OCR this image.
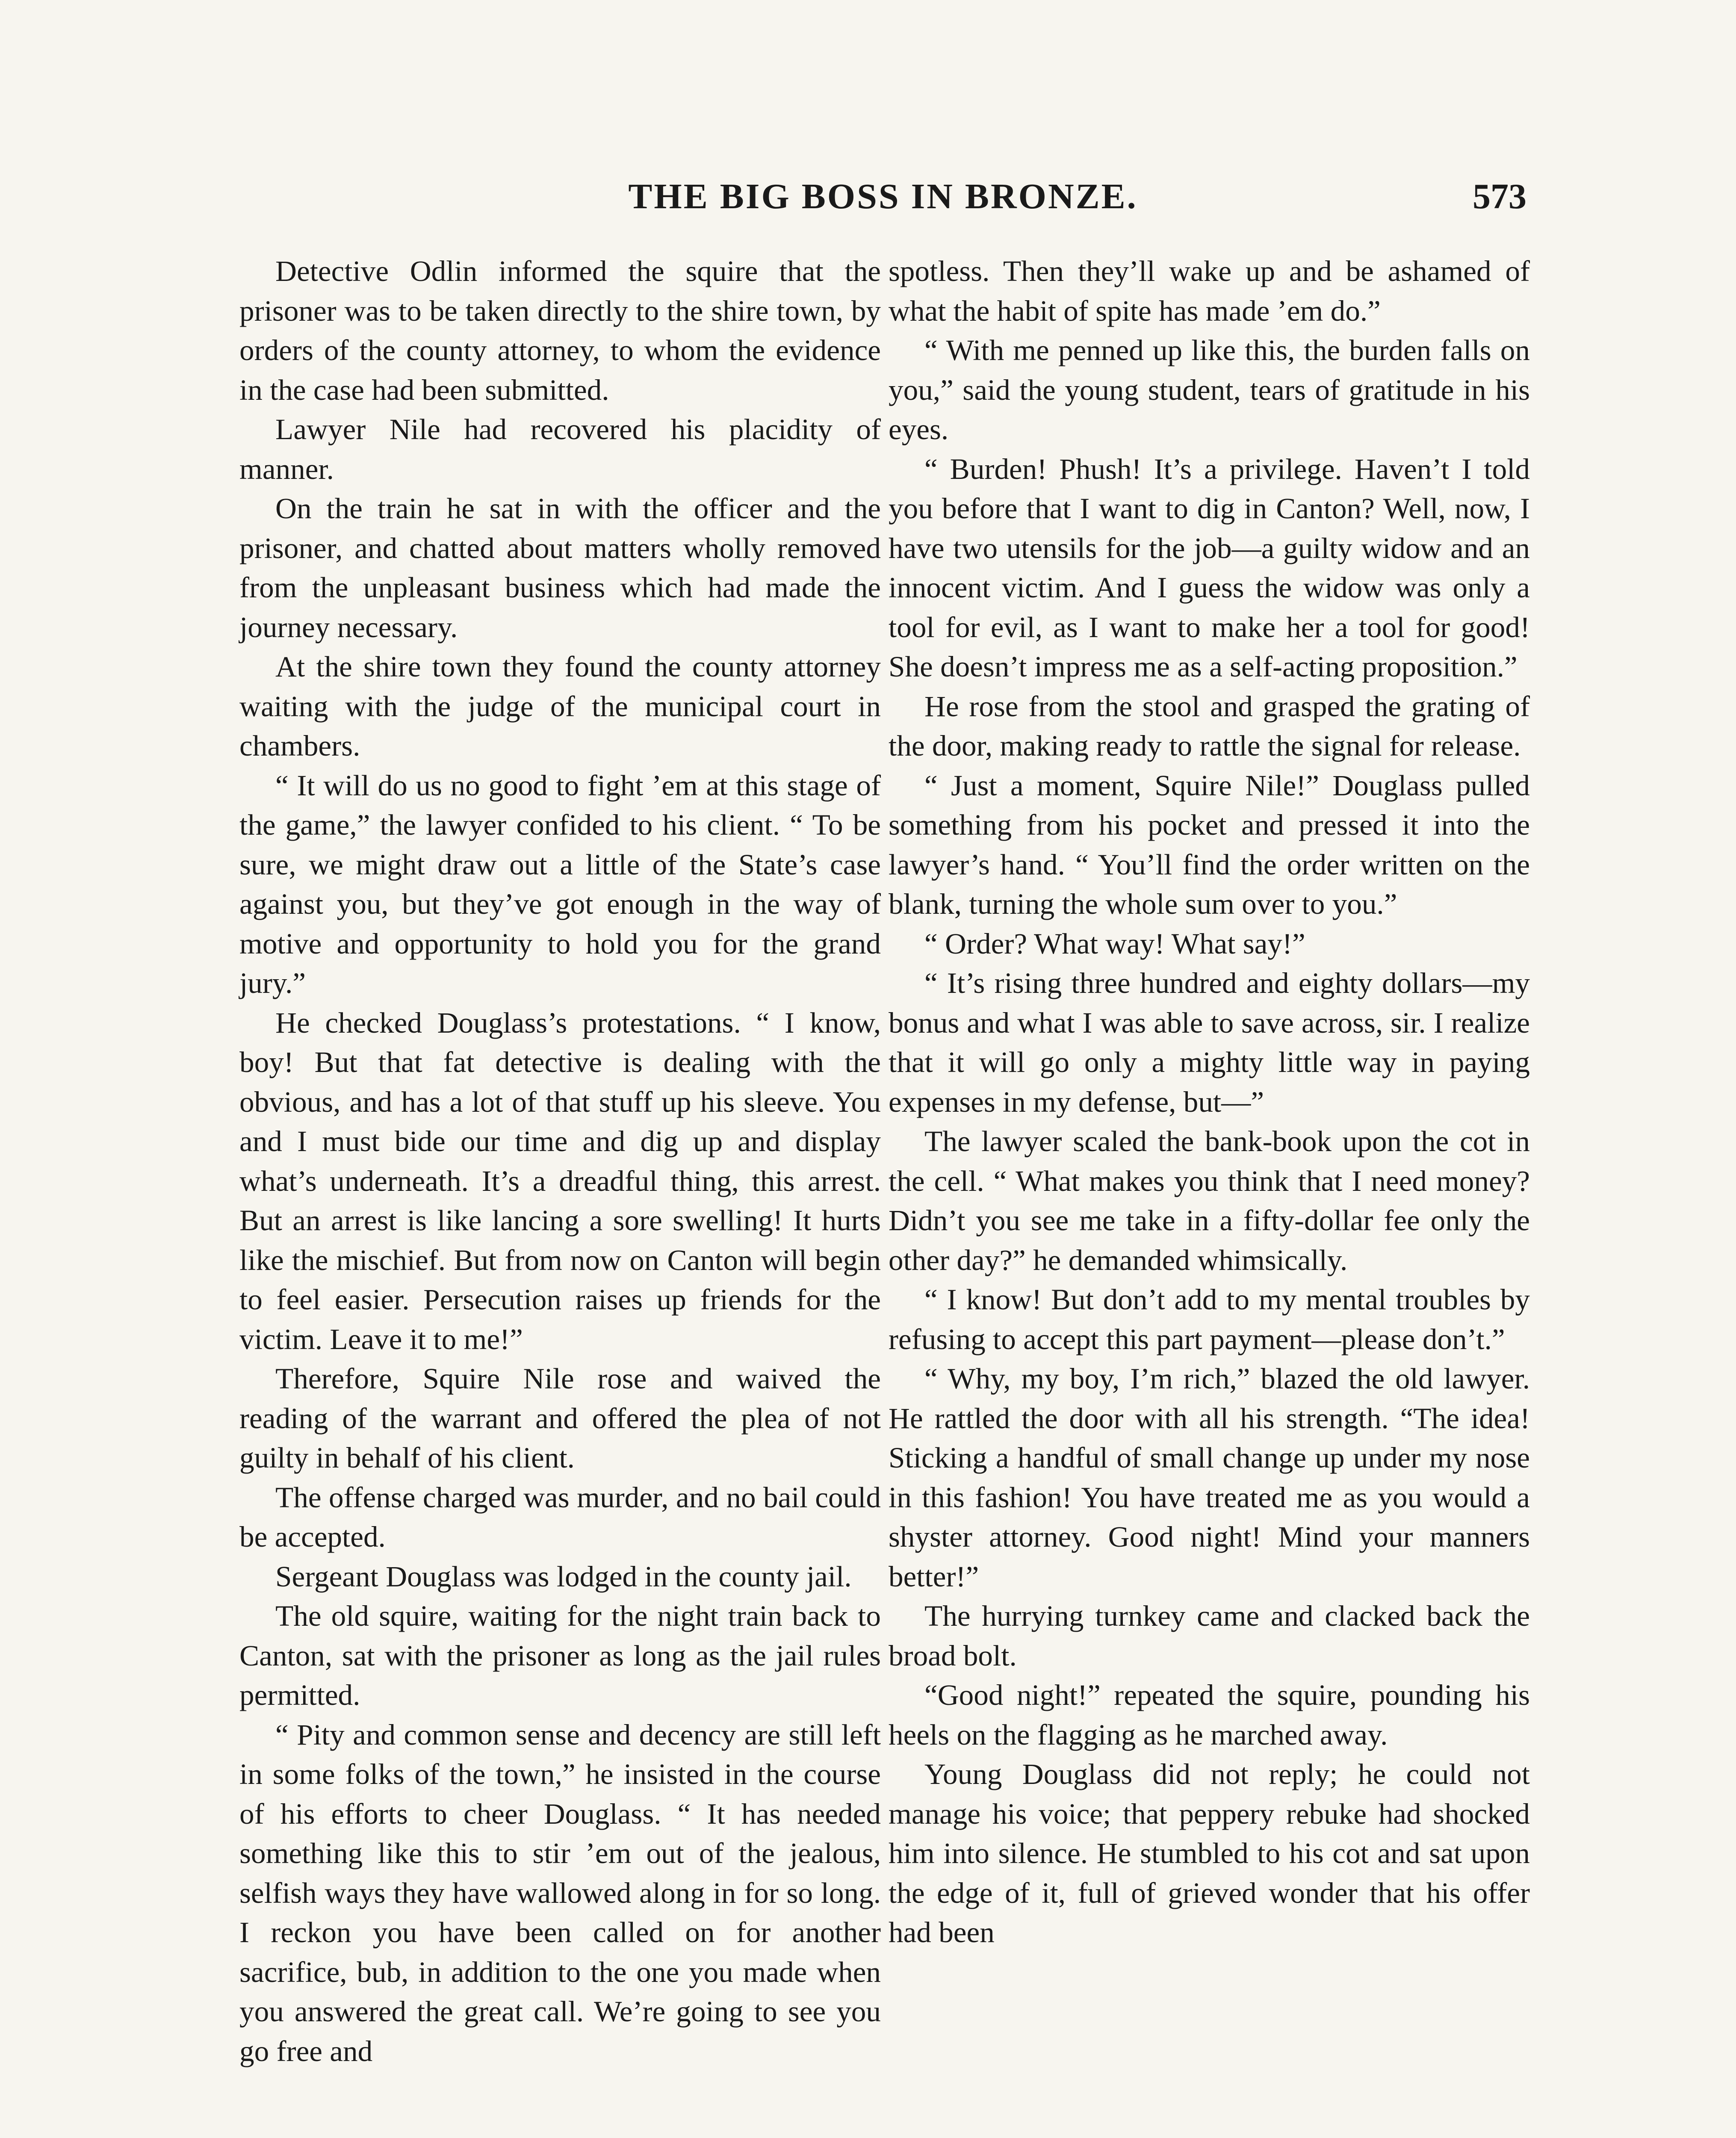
THE BIG BOSS IN BRONZE.	573

Detective Odlin informed the squire that the prisoner was to be taken directly to the shire town, by orders of the county attorney, to whom the evidence in the case had been submitted.

Lawyer Nile had recovered his placidity of manner.

On the train he sat in with the officer and the prisoner, and chatted about matters wholly removed from the unpleasant business which had made the journey necessary.

At the shire town they found the county attorney waiting with the judge of the municipal court in chambers.

“ It will do us no good to fight ’em at this stage of the game,” the lawyer confided to his client. “ To be sure, we might draw out a little of the State’s case against you, but they’ve got enough in the way of motive and opportunity to hold you for the grand jury.”

He checked Douglass’s protestations. “ I know, boy! But that fat detective is dealing with the obvious, and has a lot of that stuff up his sleeve. You and I must bide our time and dig up and display what’s underneath. It’s a dreadful thing, this arrest. But an arrest is like lancing a sore swelling! It hurts like the mischief. But from now on Canton will begin to feel easier. Persecution raises up friends for the victim. Leave it to me!”

Therefore, Squire Nile rose and waived the reading of the warrant and offered the plea of not guilty in behalf of his client.

The offense charged was murder, and no bail could be accepted.

Sergeant Douglass was lodged in the county jail.

The old squire, waiting for the night train back to Canton, sat with the prisoner as long as the jail rules permitted.

“ Pity and common sense and decency are still left in some folks of the town,” he insisted in the course of his efforts to cheer Douglass. “ It has needed something like this to stir ’em out of the jealous, selfish ways they have wallowed along in for so long. I reckon you have been called on for another sacrifice, bub, in addition to the one you made when you answered the great call. We’re going to see you go free and

spotless. Then they’ll wake up and be ashamed of what the habit of spite has made ’em do.”

“ With me penned up like this, the burden falls on you,” said the young student, tears of gratitude in his eyes.

“ Burden! Phush! It’s a privilege. Haven’t I told you before that I want to dig in Canton? Well, now, I have two utensils for the job—a guilty widow and an innocent victim. And I guess the widow was only a tool for evil, as I want to make her a tool for good! She doesn’t impress me as a self-acting proposition.”

He rose from the stool and grasped the grating of the door, making ready to rattle the signal for release.

“ Just a moment, Squire Nile!” Douglass pulled something from his pocket and pressed it into the lawyer’s hand. “ You’ll find the order written on the blank, turning the whole sum over to you.”

“ Order? What way! What say!”

“ It’s rising three hundred and eighty dollars—my bonus and what I was able to save across, sir. I realize that it will go only a mighty little way in paying expenses in my defense, but—”

The lawyer scaled the bank-book upon the cot in the cell. “ What makes you think that I need money? Didn’t you see me take in a fifty-dollar fee only the other day?” he demanded whimsically.

“ I know! But don’t add to my mental troubles by refusing to accept this part payment—please don’t.”

“ Why, my boy, I’m rich,” blazed the old lawyer. He rattled the door with all his strength. “The idea! Sticking a handful of small change up under my nose in this fashion! You have treated me as you would a shyster attorney. Good night! Mind your manners better!”

The hurrying turnkey came and clacked back the broad bolt.

“Good night!” repeated the squire, pounding his heels on the flagging as he marched away.

Young Douglass did not reply; he could not manage his voice; that peppery rebuke had shocked him into silence. He stumbled to his cot and sat upon the edge of it, full of grieved wonder that his offer had been
